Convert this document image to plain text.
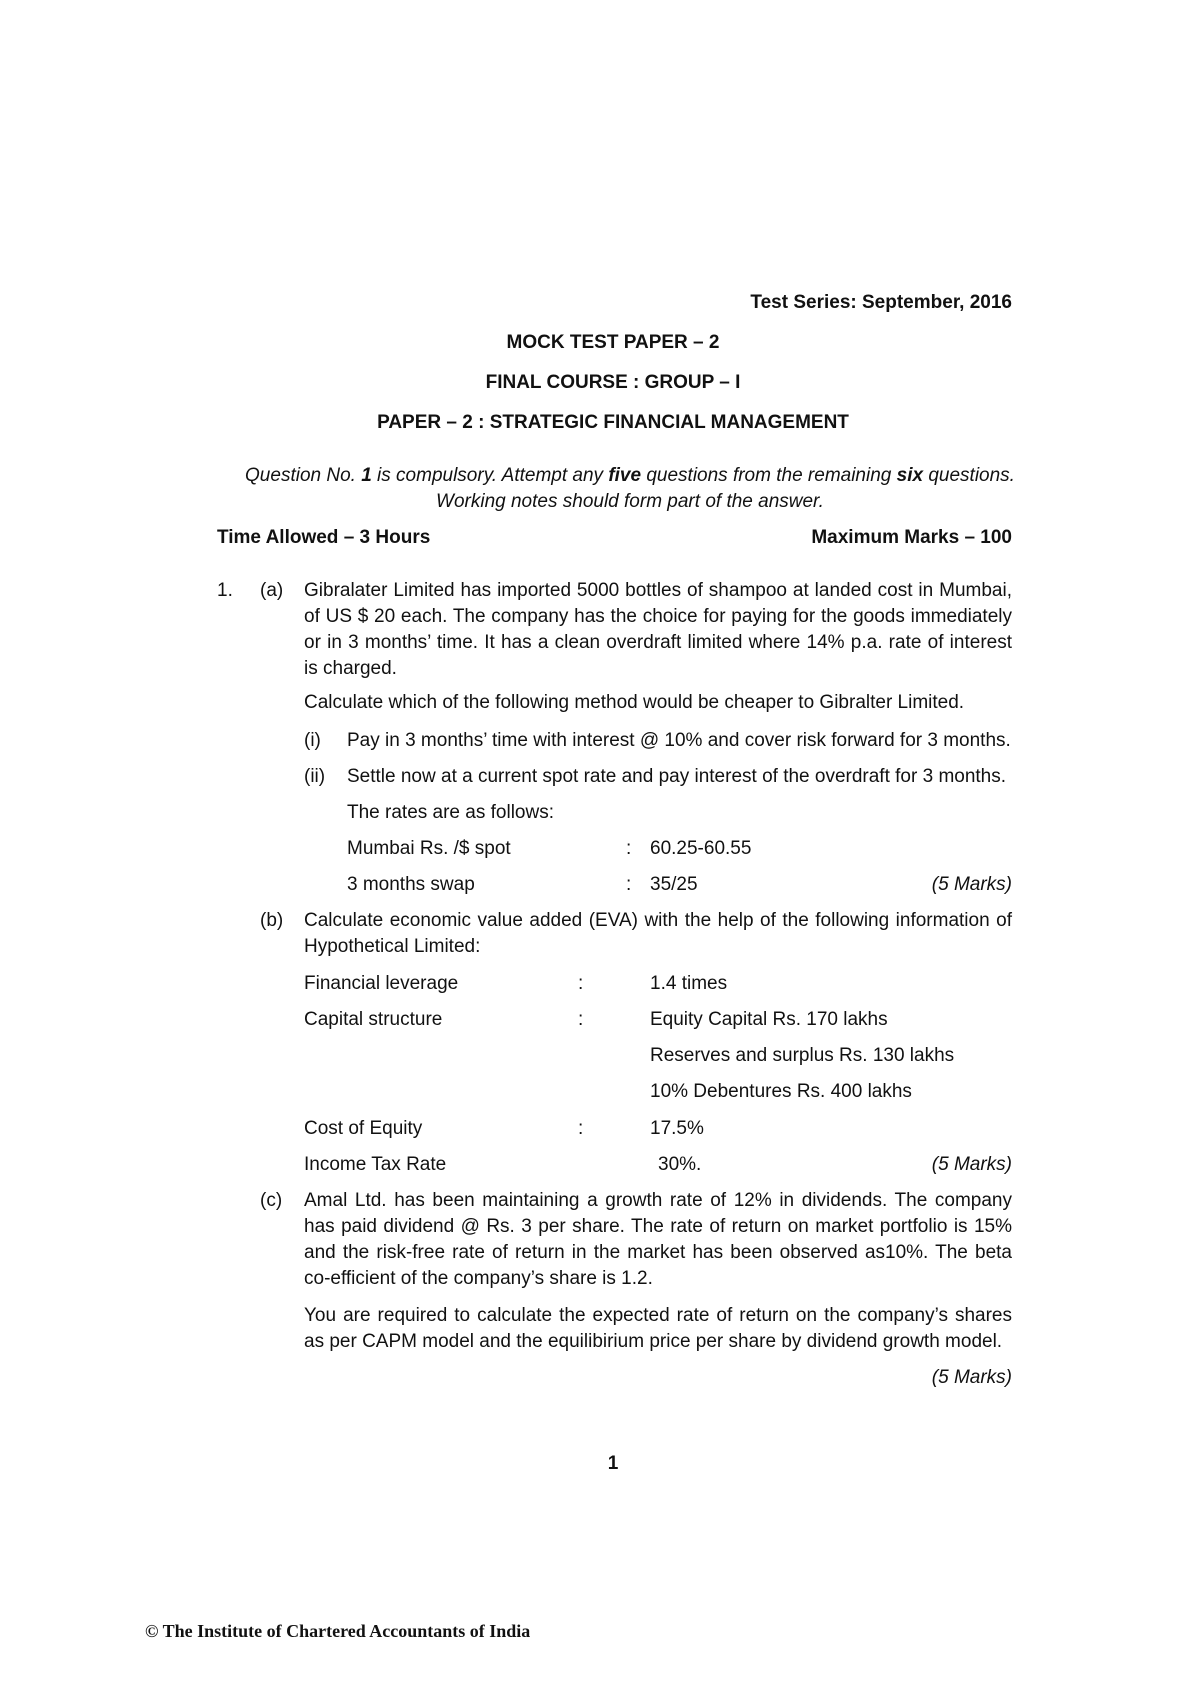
Test Series: September, 2016
MOCK TEST PAPER – 2
FINAL COURSE : GROUP – I
PAPER – 2 : STRATEGIC FINANCIAL MANAGEMENT
Question No. 1 is compulsory. Attempt any five questions from the remaining six questions.
Working notes should form part of the answer.
Time Allowed – 3 Hours	Maximum Marks – 100
1. (a) Gibralater Limited has imported 5000 bottles of shampoo at landed cost in Mumbai, of US $ 20 each. The company has the choice for paying for the goods immediately or in 3 months’ time. It has a clean overdraft limited where 14% p.a. rate of interest is charged.
Calculate which of the following method would be cheaper to Gibralter Limited.
(i) Pay in 3 months’ time with interest @ 10% and cover risk forward for 3 months.
(ii) Settle now at a current spot rate and pay interest of the overdraft for 3 months.
The rates are as follows:
Mumbai Rs. /$ spot	: 60.25-60.55
3 months swap	: 35/25	(5 Marks)
(b) Calculate economic value added (EVA) with the help of the following information of Hypothetical Limited:
Financial leverage	:	1.4 times
Capital structure	:	Equity Capital Rs. 170 lakhs
Reserves and surplus Rs. 130 lakhs
10% Debentures Rs. 400 lakhs
Cost of Equity	:	17.5%
Income Tax Rate	30%.	(5 Marks)
(c) Amal Ltd. has been maintaining a growth rate of 12% in dividends. The company has paid dividend @ Rs. 3 per share. The rate of return on market portfolio is 15% and the risk-free rate of return in the market has been observed as10%. The beta co-efficient of the company’s share is 1.2.
You are required to calculate the expected rate of return on the company’s shares as per CAPM model and the equilibirium price per share by dividend growth model.
(5 Marks)
1
© The Institute of Chartered Accountants of India
